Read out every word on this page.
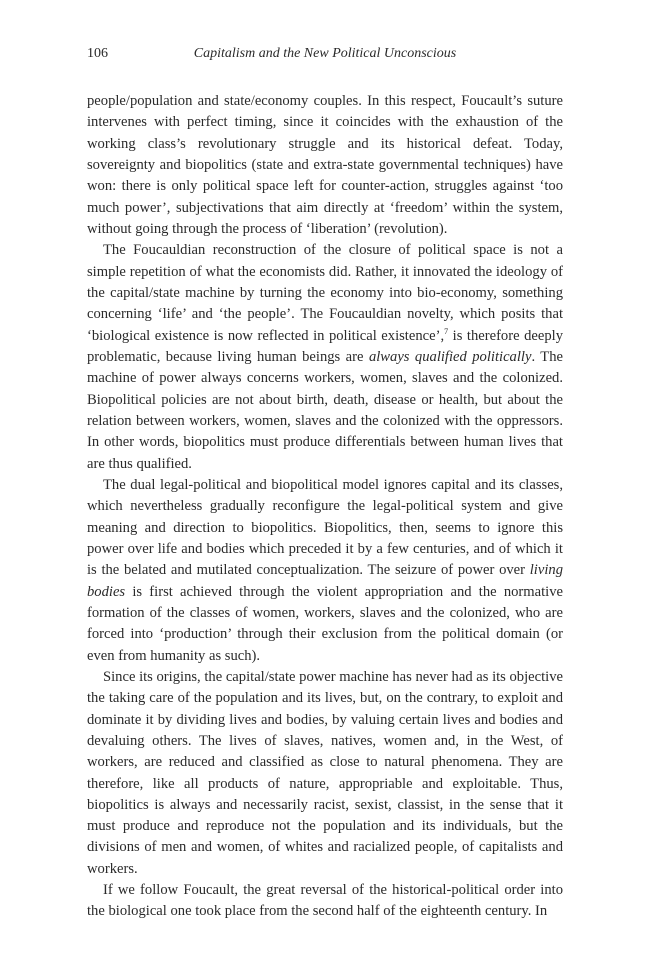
106	Capitalism and the New Political Unconscious

people/population and state/economy couples. In this respect, Foucault’s suture intervenes with perfect timing, since it coincides with the exhaustion of the working class’s revolutionary struggle and its historical defeat. Today, sovereignty and biopolitics (state and extra-state governmental techniques) have won: there is only political space left for counter-action, struggles against ‘too much power’, subjectivations that aim directly at ‘freedom’ within the system, without going through the process of ‘liberation’ (revolution).

The Foucauldian reconstruction of the closure of political space is not a simple repetition of what the economists did. Rather, it innovated the ideology of the capital/state machine by turning the economy into bio-economy, something concerning ‘life’ and ‘the people’. The Foucauldian novelty, which posits that ‘biological existence is now reflected in political existence’,$^7$ is therefore deeply problematic, because living human beings are always qualified politically. The machine of power always concerns workers, women, slaves and the colonized. Biopolitical policies are not about birth, death, disease or health, but about the relation between workers, women, slaves and the colonized with the oppressors. In other words, biopolitics must produce differentials between human lives that are thus qualified.

The dual legal-political and biopolitical model ignores capital and its classes, which nevertheless gradually reconfigure the legal-political system and give meaning and direction to biopolitics. Biopolitics, then, seems to ignore this power over life and bodies which preceded it by a few centuries, and of which it is the belated and mutilated conceptualization. The seizure of power over living bodies is first achieved through the violent appropriation and the normative formation of the classes of women, workers, slaves and the colonized, who are forced into ‘production’ through their exclusion from the political domain (or even from humanity as such).

Since its origins, the capital/state power machine has never had as its objective the taking care of the population and its lives, but, on the contrary, to exploit and dominate it by dividing lives and bodies, by valuing certain lives and bodies and devaluing others. The lives of slaves, natives, women and, in the West, of workers, are reduced and classified as close to natural phenomena. They are therefore, like all products of nature, appropriable and exploitable. Thus, biopolitics is always and necessarily racist, sexist, classist, in the sense that it must produce and reproduce not the population and its individuals, but the divisions of men and women, of whites and racialized people, of capitalists and workers.

If we follow Foucault, the great reversal of the historical-political order into the biological one took place from the second half of the eighteenth century. In
